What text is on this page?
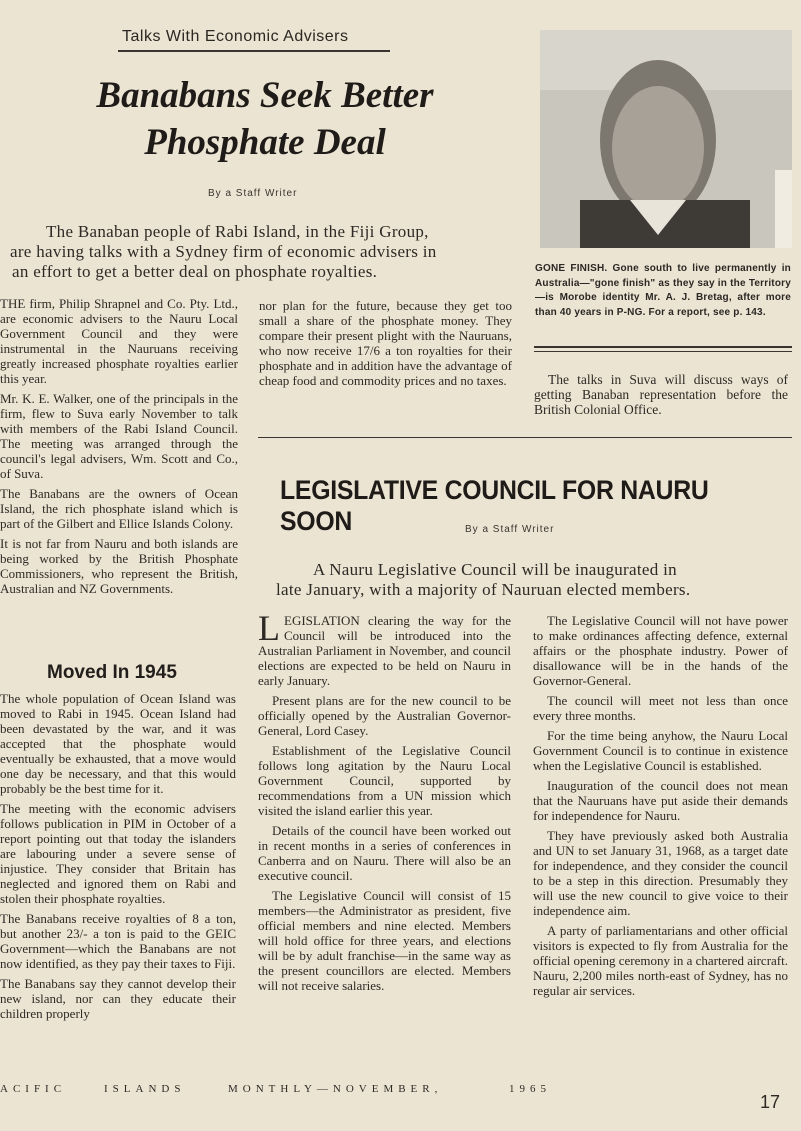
Talks With Economic Advisers
Banabans Seek Better
Phosphate Deal
By a Staff Writer
The Banaban people of Rabi Island, in the Fiji Group,
are having talks with a Sydney firm of economic advisers in
an effort to get a better deal on phosphate royalties.	GONE FINISH. Gone south to live permanently in Australia—"gone finish" as they say in the Territory—is Morobe identity Mr. A. J. Bretag, after more than 40 years in P-NG. For a report, see p. 143.

THE firm, Philip Shrapnel and Co. Pty. Ltd., are economic advisers to the Nauru Local Government Council and they were instrumental in the Nauruans receiving greatly increased phosphate royalties earlier this year.

Mr. K. E. Walker, one of the principals in the firm, flew to Suva early November to talk with members of the Rabi Island Council. The meeting was arranged through the council's legal advisers, Wm. Scott and Co., of Suva.

The Banabans are the owners of Ocean Island, the rich phosphate island which is part of the Gilbert and Ellice Islands Colony.

It is not far from Nauru and both islands are being worked by the British Phosphate Commissioners, who represent the British, Australian and NZ Governments.

nor plan for the future, because they get too small a share of the phosphate money. They compare their present plight with the Nauruans, who now receive 17/6 a ton royalties for their phosphate and in addition have the advantage of cheap food and commodity prices and no taxes.	The talks in Suva will discuss ways of getting Banaban representation before the British Colonial Office.

Moved In 1945

The whole population of Ocean Island was moved to Rabi in 1945. Ocean Island had been devastated by the war, and it was accepted that the phosphate would eventually be exhausted, that a move would one day be necessary, and that this would probably be the best time for it.

The meeting with the economic advisers follows publication in PIM in October of a report pointing out that today the islanders are labouring under a severe sense of injustice. They consider that Britain has neglected and ignored them on Rabi and stolen their phosphate royalties.

The Banabans receive royalties of 8 a ton, but another 23/- a ton is paid to the GEIC Government—which the Banabans are not now identified, as they pay their taxes to Fiji.

The Banabans say they cannot develop their new island, nor can they educate their children properly

LEGISLATIVE COUNCIL FOR NAURU SOON	By a Staff Writer
A Nauru Legislative Council will be inaugurated in
late January, with a majority of Nauruan elected members.

LEGISLATION clearing the way for the Council will be introduced into the Australian Parliament in November, and council elections are expected to be held on Nauru in early January.

Present plans are for the new council to be officially opened by the Australian Governor-General, Lord Casey.

Establishment of the Legislative Council follows long agitation by the Nauru Local Government Council, supported by recommendations from a UN mission which visited the island earlier this year.

Details of the council have been worked out in recent months in a series of conferences in Canberra and on Nauru. There will also be an executive council.

The Legislative Council will consist of 15 members—the Administrator as president, five official members and nine elected. Members will hold office for three years, and elections will be by adult franchise—in the same way as the present councillors are elected. Members will not receive salaries.

The Legislative Council will not have power to make ordinances affecting defence, external affairs or the phosphate industry. Power of disallowance will be in the hands of the Governor-General.

The council will meet not less than once every three months.

For the time being anyhow, the Nauru Local Government Council is to continue in existence when the Legislative Council is established.

Inauguration of the council does not mean that the Nauruans have put aside their demands for independence for Nauru.

They have previously asked both Australia and UN to set January 31, 1968, as a target date for independence, and they consider the council to be a step in this direction. Presumably they will use the new council to give voice to their independence aim.

A party of parliamentarians and other official visitors is expected to fly from Australia for the official opening ceremony in a chartered aircraft. Nauru, 2,200 miles north-east of Sydney, has no regular air services.

ACIFIC	ISLANDS	MONTHLY—NOVEMBER,	1965
17
